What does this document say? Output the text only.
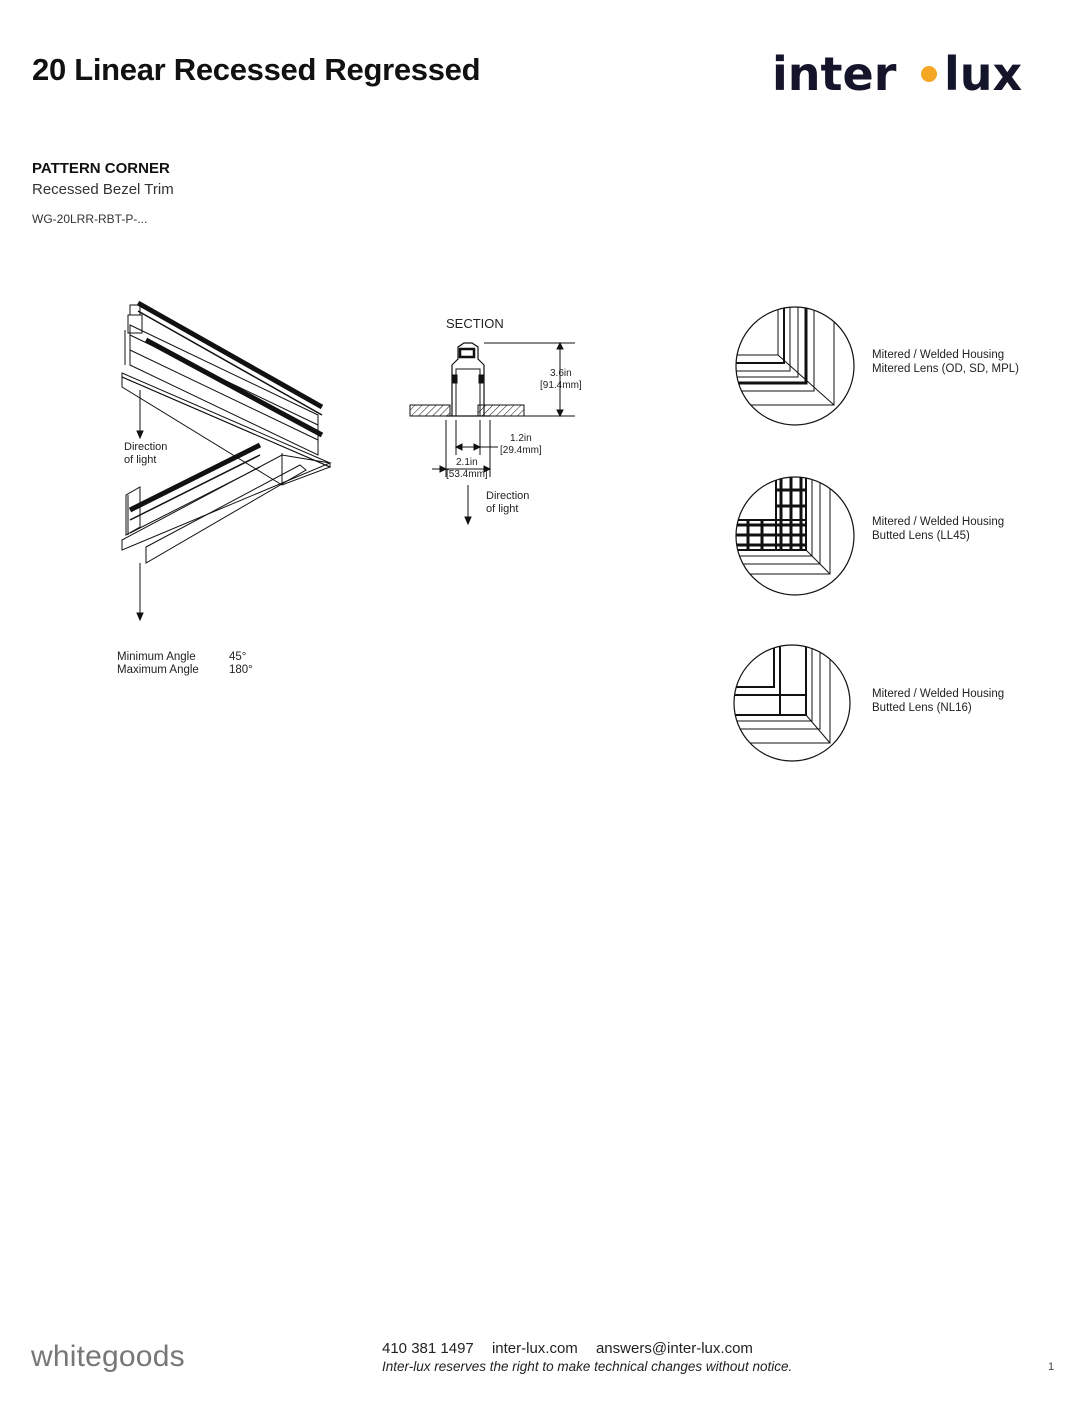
20 Linear Recessed Regressed	inter lux
PATTERN CORNER
Recessed Bezel Trim
WG-20LRR-RBT-P-...
Direction
of light
SECTION
3.6in
[91.4mm]
1.2in
[29.4mm]
2.1in
[53.4mm]
Direction
of light
Minimum Angle	45°
Maximum Angle	180°
Mitered / Welded Housing
Mitered Lens (OD, SD, MPL)
Mitered / Welded Housing
Butted Lens (LL45)
Mitered / Welded Housing
Butted Lens (NL16)
whitegoods	410 381 1497 inter-lux.com answers@inter-lux.com
Inter-lux reserves the right to make technical changes without notice.	1
